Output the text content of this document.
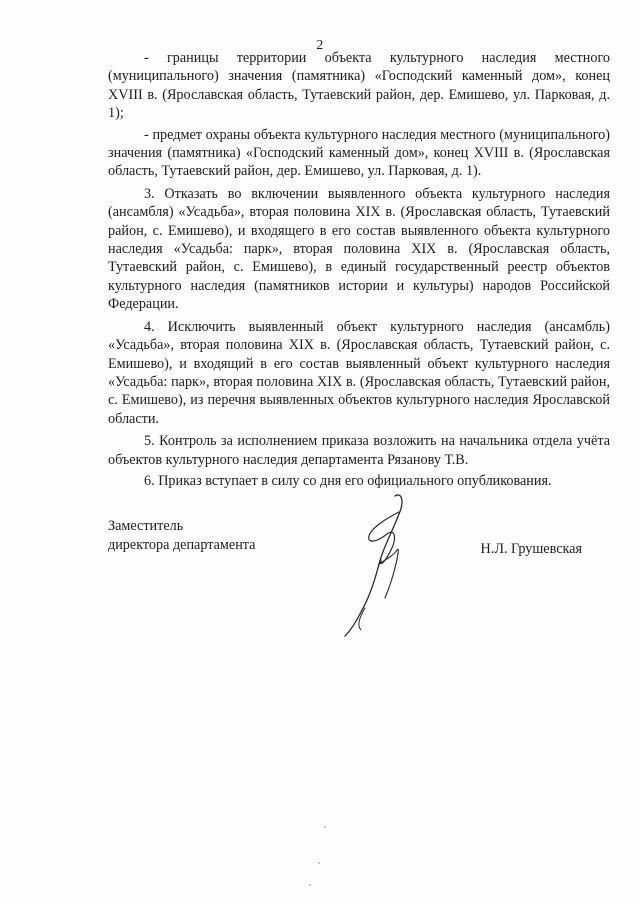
2

- границы территории объекта культурного наследия местного (муниципального) значения (памятника) «Господский каменный дом», конец XVIII в. (Ярославская область, Тутаевский район, дер. Емишево, ул. Парковая, д. 1);

- предмет охраны объекта культурного наследия местного (муниципального) значения (памятника) «Господский каменный дом», конец XVIII в. (Ярославская область, Тутаевский район, дер. Емишево, ул. Парковая, д. 1).

3. Отказать во включении выявленного объекта культурного наследия (ансамбля) «Усадьба», вторая половина XIX в. (Ярославская область, Тутаевский район, с. Емишево), и входящего в его состав выявленного объекта культурного наследия «Усадьба: парк», вторая половина XIX в. (Ярославская область, Тутаевский район, с. Емишево), в единый государственный реестр объектов культурного наследия (памятников истории и культуры) народов Российской Федерации.

4. Исключить выявленный объект культурного наследия (ансамбль) «Усадьба», вторая половина XIX в. (Ярославская область, Тутаевский район, с. Емишево), и входящий в его состав выявленный объект культурного наследия «Усадьба: парк», вторая половина XIX в. (Ярославская область, Тутаевский район, с. Емишево), из перечня выявленных объектов культурного наследия Ярославской области.

5. Контроль за исполнением приказа возложить на начальника отдела учёта объектов культурного наследия департамента Рязанову Т.В.

6. Приказ вступает в силу со дня его официального опубликования.

Заместитель
директора департамента	Н.Л. Грушевская
